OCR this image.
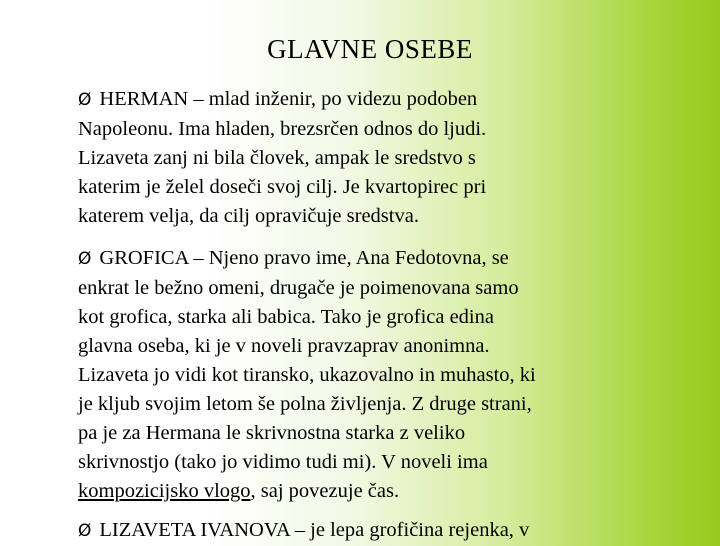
GLAVNE OSEBE
Ø HERMAN – mlad inženir, po videzu podoben
Napoleonu. Ima hladen, brezsrčen odnos do ljudi.
Lizaveta zanj ni bila človek, ampak le sredstvo s
katerim je želel doseči svoj cilj. Je kvartopirec pri
katerem velja, da cilj opravičuje sredstva.
Ø GROFICA – Njeno pravo ime, Ana Fedotovna, se
enkrat le bežno omeni, drugače je poimenovana samo
kot grofica, starka ali babica. Tako je grofica edina
glavna oseba, ki je v noveli pravzaprav anonimna.
Lizaveta jo vidi kot tiransko, ukazovalno in muhasto, ki
je kljub svojim letom še polna življenja. Z druge strani,
pa je za Hermana le skrivnostna starka z veliko
skrivnostjo (tako jo vidimo tudi mi). V noveli ima
kompozicijsko vlogo, saj povezuje čas.
Ø LIZAVETA IVANOVA – je lepa grofičina rejenka, v
